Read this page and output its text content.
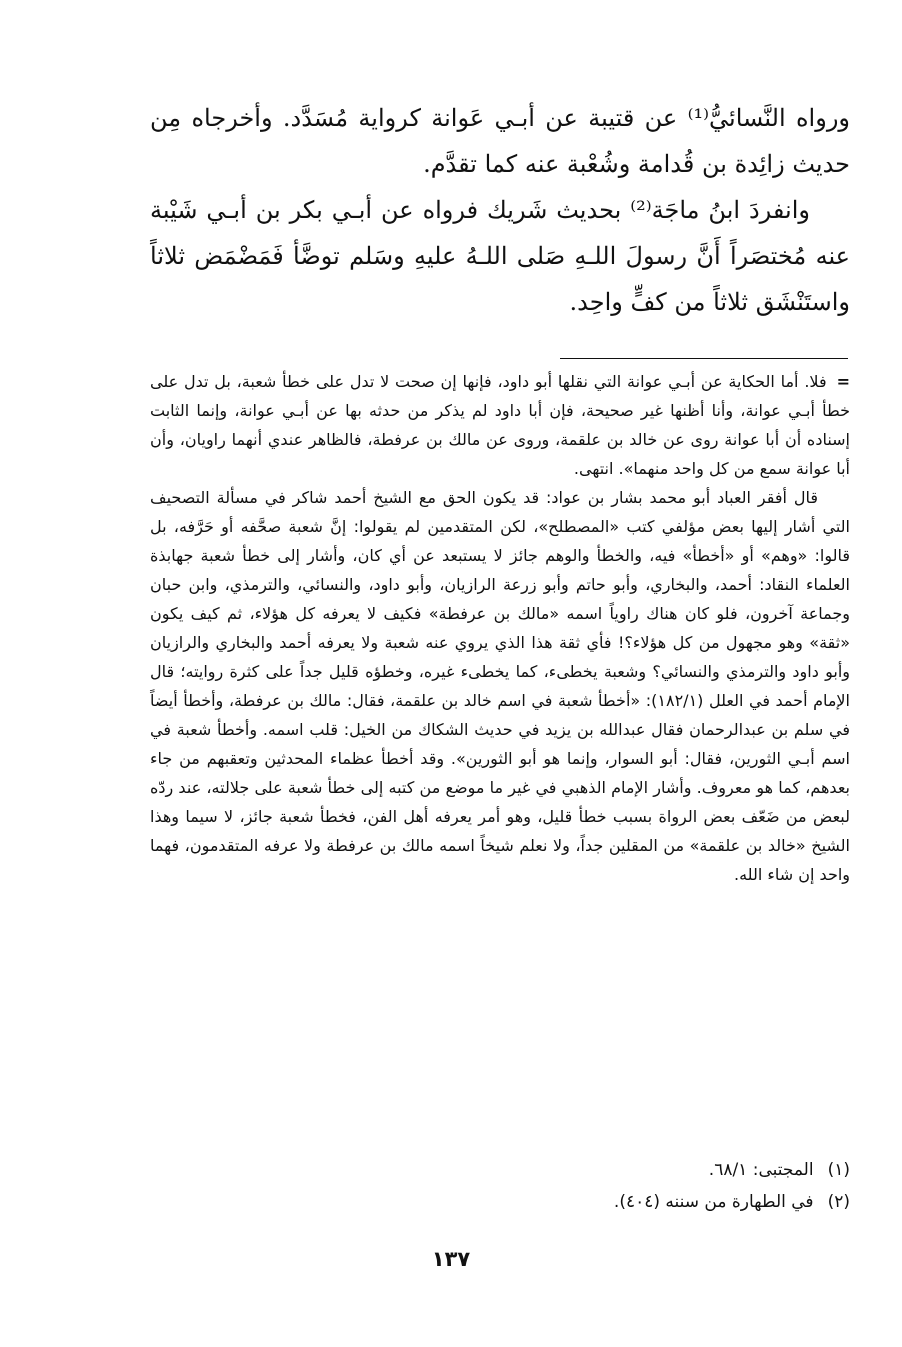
ورواه النَّسائيُّ⁽¹⁾ عن قتيبة عن أبـي عَوانة كرواية مُسَدَّد. وأخرجاه مِن حديث زائِدة بن قُدامة وشُعْبة عنه كما تقدَّم.

وانفردَ ابنُ ماجَة⁽²⁾ بحديث شَريك فرواه عن أبـي بكر بن أبـي شَيْبة عنه مُختصَراً أَنَّ رسولَ اللـهِ صَلى اللـهُ عليهِ وسَلم توضَّأ فَمَضْمَض ثلاثاً واستَنْشَق ثلاثاً من كفٍّ واحِد.

=فلا. أما الحكاية عن أبـي عوانة التي نقلها أبو داود، فإنها إن صحت لا تدل على خطأ شعبة، بل تدل على خطأ أبـي عوانة، وأنا أظنها غير صحيحة، فإن أبا داود لم يذكر من حدثه بها عن أبـي عوانة، وإنما الثابت إسناده أن أبا عوانة روى عن خالد بن علقمة، وروى عن مالك بن عرفطة، فالظاهر عندي أنهما راويان، وأن أبا عوانة سمع من كل واحد منهما». انتهى.

قال أفقر العباد أبو محمد بشار بن عواد: قد يكون الحق مع الشيخ أحمد شاكر في مسألة التصحيف التي أشار إليها بعض مؤلفي كتب «المصطلح»، لكن المتقدمين لم يقولوا: إنَّ شعبة صحَّفه أو حَرَّفه، بل قالوا: «وهم» أو «أخطأ» فيه، والخطأ والوهم جائز لا يستبعد عن أي كان، وأشار إلى خطأ شعبة جهابذة العلماء النقاد: أحمد، والبخاري، وأبو حاتم وأبو زرعة الرازيان، وأبو داود، والنسائي، والترمذي، وابن حبان وجماعة آخرون، فلو كان هناك راوياً اسمه «مالك بن عرفطة» فكيف لا يعرفه كل هؤلاء، ثم كيف يكون «ثقة» وهو مجهول من كل هؤلاء؟! فأي ثقة هذا الذي يروي عنه شعبة ولا يعرفه أحمد والبخاري والرازيان وأبو داود والترمذي والنسائي؟ وشعبة يخطىء، كما يخطىء غيره، وخطؤه قليل جداً على كثرة روايته؛ قال الإمام أحمد في العلل (١٨٢/١): «أخطأ شعبة في اسم خالد بن علقمة، فقال: مالك بن عرفطة، وأخطأ أيضاً في سلم بن عبدالرحمان فقال عبدالله بن يزيد في حديث الشكاك من الخيل: قلب اسمه. وأخطأ شعبة في اسم أبـي الثورين، فقال: أبو السوار، وإنما هو أبو الثورين». وقد أخطأ عظماء المحدثين وتعقبهم من جاء بعدهم، كما هو معروف. وأشار الإمام الذهبي في غير ما موضع من كتبه إلى خطأ شعبة على جلالته، عند ردّه لبعض من ضَعّف بعض الرواة بسبب خطأ قليل، وهو أمر يعرفه أهل الفن، فخطأ شعبة جائز، لا سيما وهذا الشيخ «خالد بن علقمة» من المقلين جداً، ولا نعلم شيخاً اسمه مالك بن عرفطة ولا عرفه المتقدمون، فهما واحد إن شاء الله.

(١)المجتبى: ٦٨/١.

(٢)في الطهارة من سننه (٤٠٤).

١٣٧
